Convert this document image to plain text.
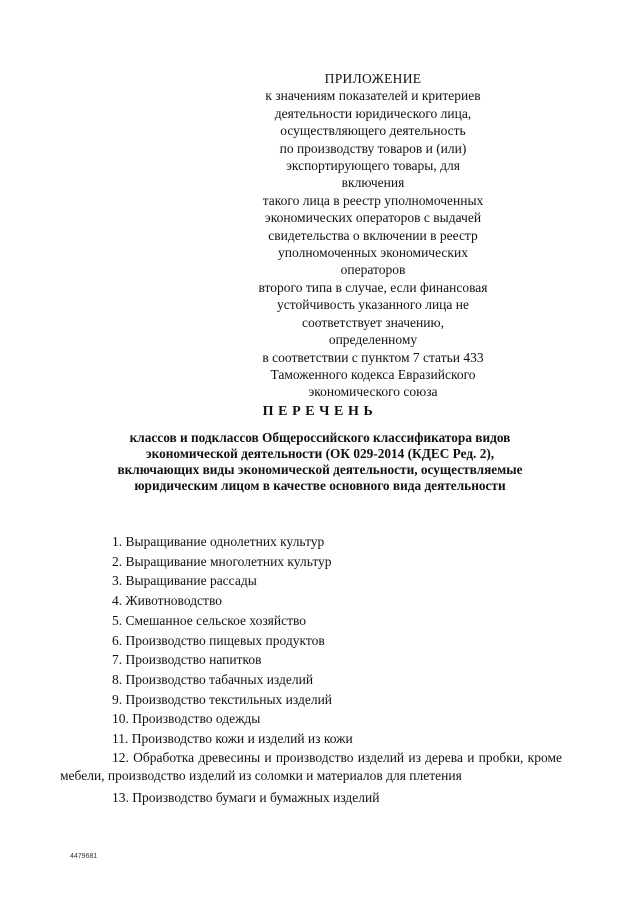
ПРИЛОЖЕНИЕ
к значениям показателей и критериев
деятельности юридического лица,
осуществляющего деятельность
по производству товаров и (или)
экспортирующего товары, для включения
такого лица в реестр уполномоченных
экономических операторов с выдачей
свидетельства о включении в реестр
уполномоченных экономических операторов
второго типа в случае, если финансовая
устойчивость указанного лица не
соответствует значению, определенному
в соответствии с пунктом 7 статьи 433
Таможенного кодекса Евразийского
экономического союза
ПЕРЕЧЕНЬ
классов и подклассов Общероссийского классификатора видов
экономической деятельности (ОК 029-2014 (КДЕС Ред. 2),
включающих виды экономической деятельности, осуществляемые
юридическим лицом в качестве основного вида деятельности

1. Выращивание однолетних культур

2. Выращивание многолетних культур

3. Выращивание рассады

4. Животноводство

5. Смешанное сельское хозяйство

6. Производство пищевых продуктов

7. Производство напитков

8. Производство табачных изделий

9. Производство текстильных изделий

10. Производство одежды

11. Производство кожи и изделий из кожи

12. Обработка древесины и производство изделий из дерева и пробки, кроме мебели, производство изделий из соломки и материалов для плетения

13. Производство бумаги и бумажных изделий

4479681
